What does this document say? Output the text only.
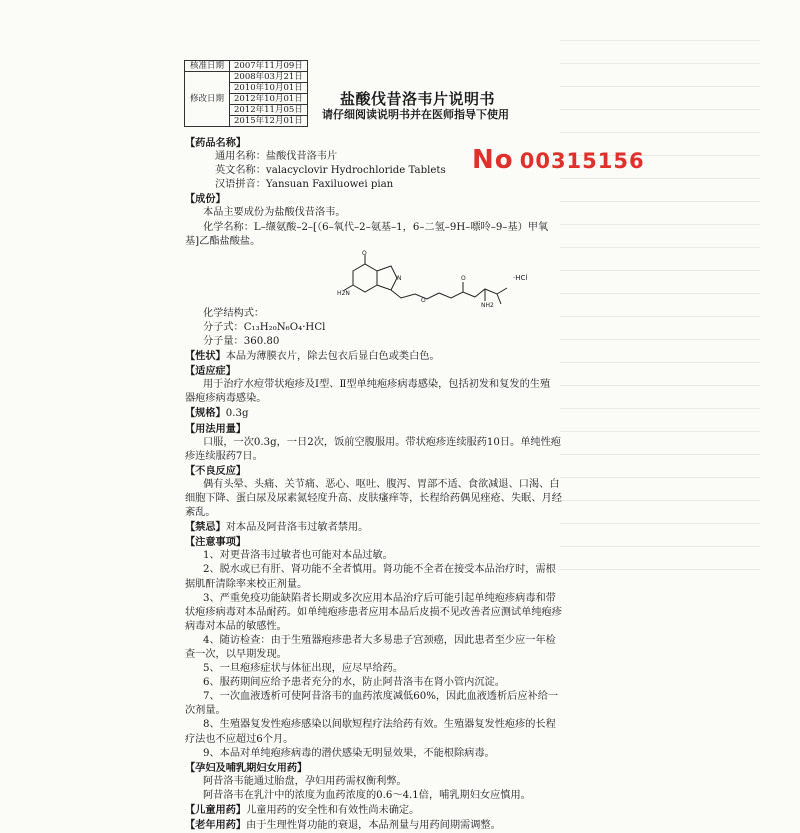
核准日期	2007年11月09日
修改日期	2008年03月21日
	2010年10月01日
	2012年10月01日
	2012年11月05日
	2015年12月01日
盐酸伐昔洛韦片说明书
请仔细阅读说明书并在医师指导下使用
No 00315156

【药品名称】

通用名称：盐酸伐昔洛韦片

英文名称：valacyclovir Hydrochloride Tablets

汉语拼音：Yansuan Faxiluowei pian

【成份】

本品主要成份为盐酸伐昔洛韦。

化学名称：L–缬氨酸–2–[（6–氧代–2–氨基–1，6–二氢–9H–嘌呤–9–基）甲氧

基]乙酯盐酸盐。

O
H2N
N
O
O
NH2
·HCl

化学结构式：

分子式：C₁₃H₂₀N₆O₄·HCl

分子量：360.80

【性状】本品为薄膜衣片，除去包衣后显白色或类白色。

【适应症】

用于治疗水痘带状疱疹及Ⅰ型、Ⅱ型单纯疱疹病毒感染，包括初发和复发的生殖

器疱疹病毒感染。

【规格】0.3g

【用法用量】

口服，一次0.3g，一日2次，饭前空腹服用。带状疱疹连续服药10日。单纯性疱

疹连续服药7日。

【不良反应】

偶有头晕、头痛、关节痛、恶心、呕吐、腹泻、胃部不适、食欲减退、口渴、白

细胞下降、蛋白尿及尿素氮轻度升高、皮肤瘙痒等，长程给药偶见痤疮、失眠、月经

紊乱。

【禁忌】对本品及阿昔洛韦过敏者禁用。

【注意事项】

1、对更昔洛韦过敏者也可能对本品过敏。

2、脱水或已有肝、肾功能不全者慎用。肾功能不全者在接受本品治疗时，需根

据肌酐清除率来校正剂量。

3、严重免疫功能缺陷者长期或多次应用本品治疗后可能引起单纯疱疹病毒和带

状疱疹病毒对本品耐药。如单纯疱疹患者应用本品后皮损不见改善者应测试单纯疱疹

病毒对本品的敏感性。

4、随访检查：由于生殖器疱疹患者大多易患子宫颈癌，因此患者至少应一年检

查一次，以早期发现。

5、一旦疱疹症状与体征出现，应尽早给药。

6、服药期间应给予患者充分的水，防止阿昔洛韦在肾小管内沉淀。

7、一次血液透析可使阿昔洛韦的血药浓度减低60%，因此血液透析后应补给一

次剂量。

8、生殖器复发性疱疹感染以间歇短程疗法给药有效。生殖器复发性疱疹的长程

疗法也不应超过6个月。

9、本品对单纯疱疹病毒的潜伏感染无明显效果，不能根除病毒。

【孕妇及哺乳期妇女用药】

阿昔洛韦能通过胎盘，孕妇用药需权衡利弊。

阿昔洛韦在乳汁中的浓度为血药浓度的0.6～4.1倍，哺乳期妇女应慎用。

【儿童用药】儿童用药的安全性和有效性尚未确定。

【老年用药】由于生理性肾功能的衰退，本品剂量与用药间期需调整。
